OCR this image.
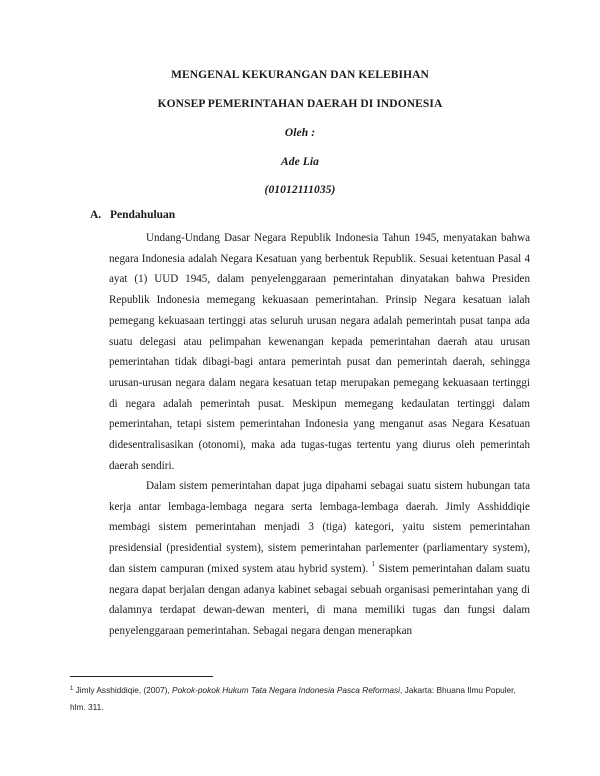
MENGENAL KEKURANGAN DAN KELEBIHAN
KONSEP PEMERINTAHAN DAERAH DI INDONESIA
Oleh :
Ade Lia
(01012111035)
A. Pendahuluan

Undang-Undang Dasar Negara Republik Indonesia Tahun 1945, menyatakan bahwa negara Indonesia adalah Negara Kesatuan yang berbentuk Republik. Sesuai ketentuan Pasal 4 ayat (1) UUD 1945, dalam penyelenggaraan pemerintahan dinyatakan bahwa Presiden Republik Indonesia memegang kekuasaan pemerintahan. Prinsip Negara kesatuan ialah pemegang kekuasaan tertinggi atas seluruh urusan negara adalah pemerintah pusat tanpa ada suatu delegasi atau pelimpahan kewenangan kepada pemerintahan daerah atau urusan pemerintahan tidak dibagi-bagi antara pemerintah pusat dan pemerintah daerah, sehingga urusan-urusan negara dalam negara kesatuan tetap merupakan pemegang kekuasaan tertinggi di negara adalah pemerintah pusat. Meskipun memegang kedaulatan tertinggi dalam pemerintahan, tetapi sistem pemerintahan Indonesia yang menganut asas Negara Kesatuan didesentralisasikan (otonomi), maka ada tugas-tugas tertentu yang diurus oleh pemerintah daerah sendiri.

Dalam sistem pemerintahan dapat juga dipahami sebagai suatu sistem hubungan tata kerja antar lembaga-lembaga negara serta lembaga-lembaga daerah. Jimly Asshiddiqie membagi sistem pemerintahan menjadi 3 (tiga) kategori, yaitu sistem pemerintahan presidensial (presidential system), sistem pemerintahan parlementer (parliamentary system), dan sistem campuran (mixed system atau hybrid system). $^1$ Sistem pemerintahan dalam suatu negara dapat berjalan dengan adanya kabinet sebagai sebuah organisasi pemerintahan yang di dalamnya terdapat dewan-dewan menteri, di mana memiliki tugas dan fungsi dalam penyelenggaraan pemerintahan. Sebagai negara dengan menerapkan

$^1$ Jimly Asshiddiqie, (2007), Pokok-pokok Hukum Tata Negara Indonesia Pasca Reformasi, Jakarta: Bhuana Ilmu Populer, hlm. 311.
